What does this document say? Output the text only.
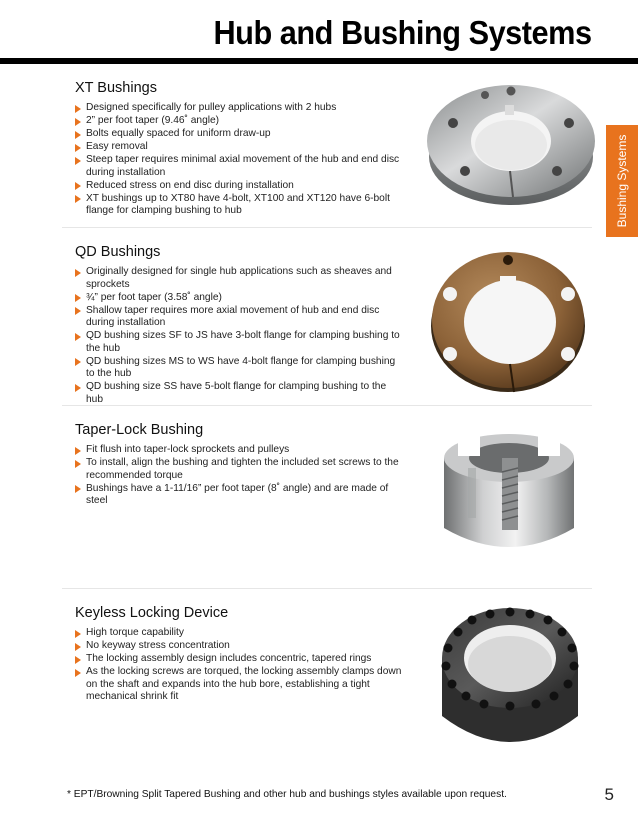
Hub and Bushing Systems
Bushing Systems
XT Bushings
Designed specifically for pulley applications with 2 hubs
2” per foot taper (9.46˚ angle)
Bolts equally spaced for uniform draw-up
Easy removal
Steep taper requires minimal axial movement of the hub and end disc during installation
Reduced stress on end disc during installation
XT bushings up to XT80 have 4-bolt, XT100 and XT120 have 6-bolt flange for clamping bushing to hub
QD Bushings
Originally designed for single hub applications such as sheaves and sprockets
¾” per foot taper (3.58˚ angle)
Shallow taper requires more axial movement of hub and end disc during installation
QD bushing sizes SF to JS have 3-bolt flange for clamping bushing to the hub
QD bushing sizes MS to WS have 4-bolt flange for clamping bushing to the hub
QD bushing size SS have 5-bolt flange for clamping bushing to the hub
Taper-Lock Bushing
Fit flush into taper-lock sprockets and pulleys
To install, align the bushing and tighten the included set screws to the recommended torque
Bushings have a 1-11/16” per foot taper (8˚ angle) and are made of steel
Keyless Locking Device
High torque capability
No keyway stress concentration
The locking assembly design includes concentric, tapered rings
As the locking screws are torqued, the locking assembly clamps down on the shaft and expands into the hub bore, establishing a tight mechanical shrink fit
* EPT/Browning Split Tapered Bushing and other hub and bushings styles available upon request.	5
